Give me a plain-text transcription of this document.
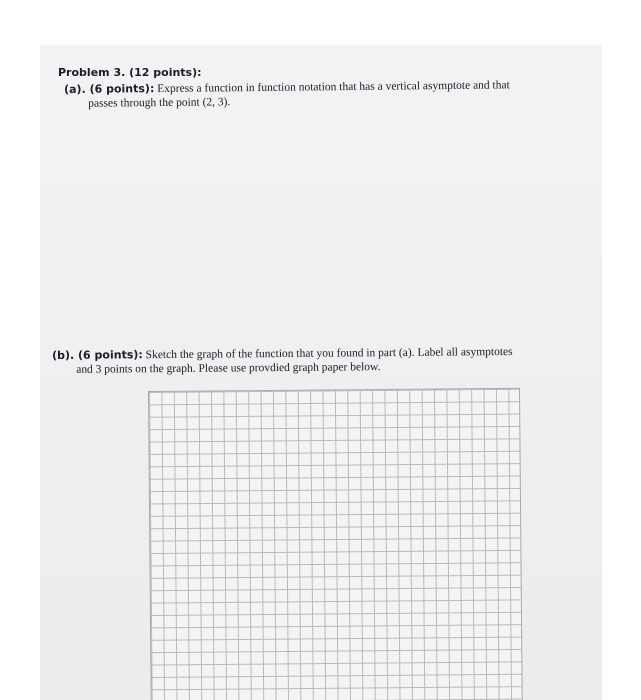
Problem 3. (12 points):
(a). (6 points): Express a function in function notation that has a vertical asymptote and that
passes through the point (2, 3).
(b). (6 points): Sketch the graph of the function that you found in part (a). Label all asymptotes
and 3 points on the graph. Please use provdied graph paper below.
